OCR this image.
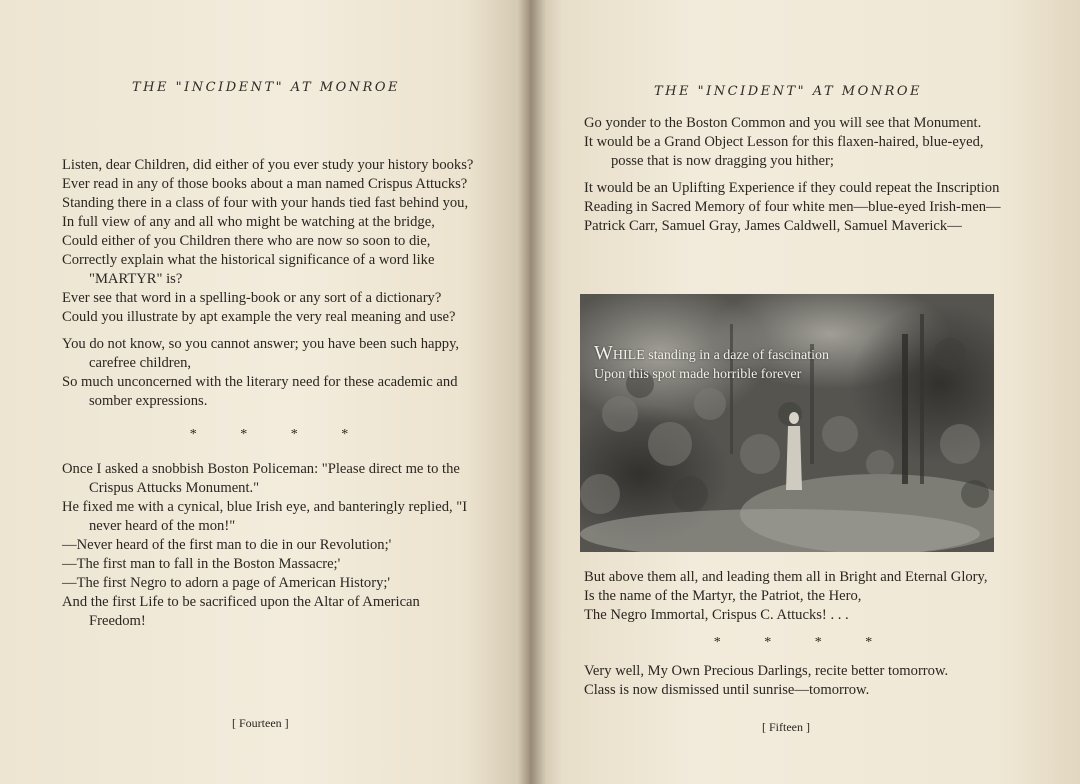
THE "INCIDENT" AT MONROE
Listen, dear Children, did either of you ever study your history books?
Ever read in any of those books about a man named Crispus Attucks?
Standing there in a class of four with your hands tied fast behind you,
In full view of any and all who might be watching at the bridge,
Could either of you Children there who are now so soon to die,
Correctly explain what the historical significance of a word like "MARTYR" is?
Ever see that word in a spelling-book or any sort of a dictionary?
Could you illustrate by apt example the very real meaning and use?
You do not know, so you cannot answer; you have been such happy, carefree children,
So much unconcerned with the literary need for these academic and somber expressions.
* * * *
Once I asked a snobbish Boston Policeman: "Please direct me to the Crispus Attucks Monument."
He fixed me with a cynical, blue Irish eye, and banteringly replied, "I never heard of the mon!"
—Never heard of the first man to die in our Revolution;'
—The first man to fall in the Boston Massacre;'
—The first Negro to adorn a page of American History;'
And the first Life to be sacrificed upon the Altar of American Freedom!
[ Fourteen ]
THE "INCIDENT" AT MONROE
Go yonder to the Boston Common and you will see that Monument.
It would be a Grand Object Lesson for this flaxen-haired, blue-eyed, posse that is now dragging you hither;
It would be an Uplifting Experience if they could repeat the Inscription
Reading in Sacred Memory of four white men—blue-eyed Irish-men—
Patrick Carr, Samuel Gray, James Caldwell, Samuel Maverick—
WHILE standing in a daze of fascination
Upon this spot made horrible forever
But above them all, and leading them all in Bright and Eternal Glory,
Is the name of the Martyr, the Patriot, the Hero,
The Negro Immortal, Crispus C. Attucks! . . .
* * * *
Very well, My Own Precious Darlings, recite better tomorrow.
Class is now dismissed until sunrise—tomorrow.
[ Fifteen ]
